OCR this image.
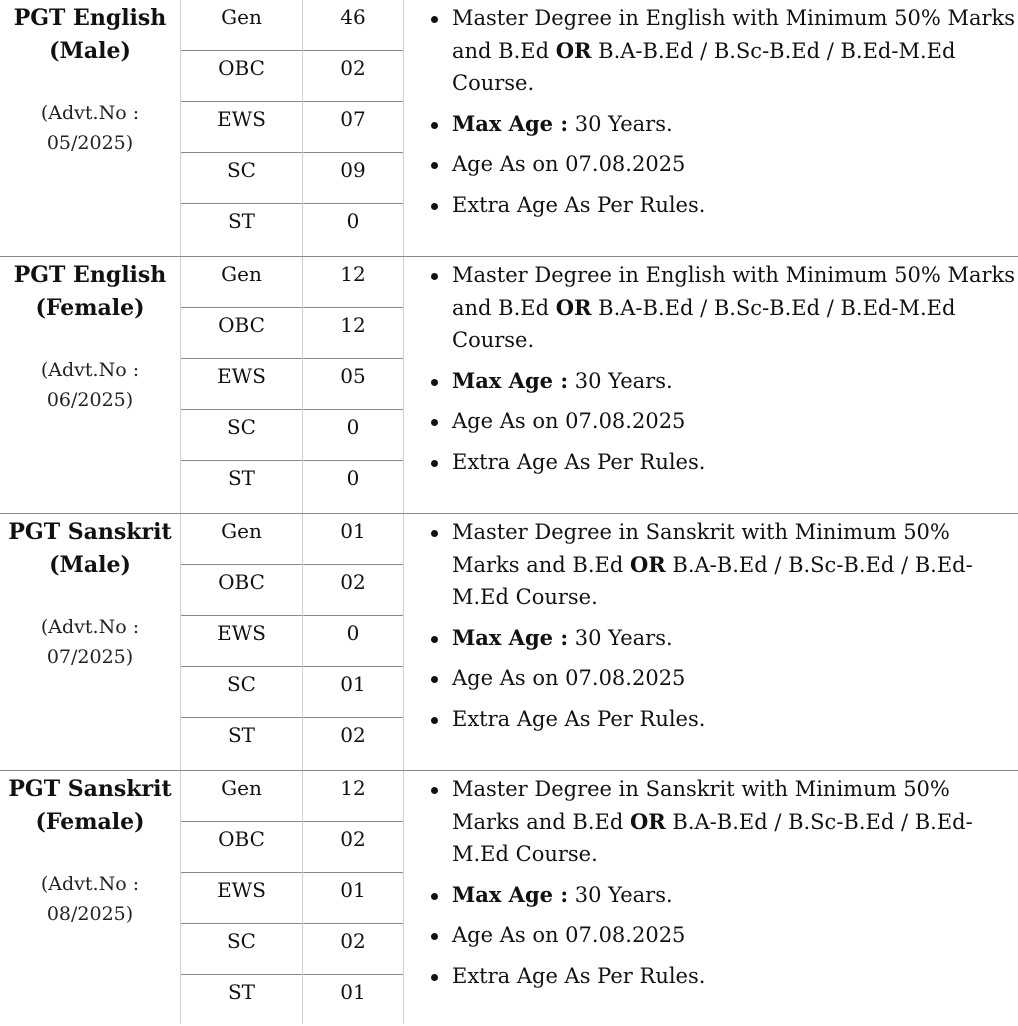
PGT English
(Male)
(Advt.No :
05/2025)
Gen	46
OBC	02
EWS	07
SC	09
ST	0
Master Degree in English with Minimum 50% Marks and B.Ed OR B.A-B.Ed / B.Sc-B.Ed / B.Ed-M.Ed Course.
Max Age : 30 Years.
Age As on 07.08.2025
Extra Age As Per Rules.
PGT English
(Female)
(Advt.No :
06/2025)
Gen	12
OBC	12
EWS	05
SC	0
ST	0
Master Degree in English with Minimum 50% Marks and B.Ed OR B.A-B.Ed / B.Sc-B.Ed / B.Ed-M.Ed Course.
Max Age : 30 Years.
Age As on 07.08.2025
Extra Age As Per Rules.
PGT Sanskrit
(Male)
(Advt.No :
07/2025)
Gen	01
OBC	02
EWS	0
SC	01
ST	02
Master Degree in Sanskrit with Minimum 50% Marks and B.Ed OR B.A-B.Ed / B.Sc-B.Ed / B.Ed-M.Ed Course.
Max Age : 30 Years.
Age As on 07.08.2025
Extra Age As Per Rules.
PGT Sanskrit
(Female)
(Advt.No :
08/2025)
Gen	12
OBC	02
EWS	01
SC	02
ST	01
Master Degree in Sanskrit with Minimum 50% Marks and B.Ed OR B.A-B.Ed / B.Sc-B.Ed / B.Ed-M.Ed Course.
Max Age : 30 Years.
Age As on 07.08.2025
Extra Age As Per Rules.
